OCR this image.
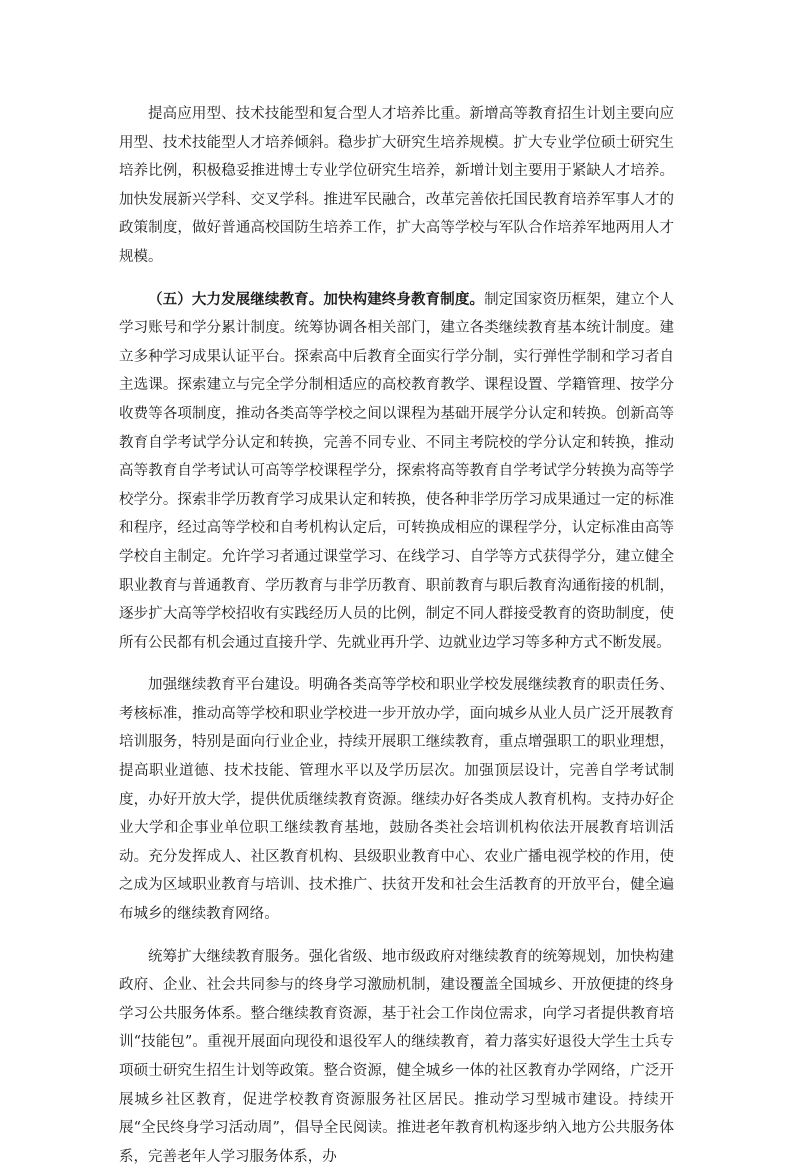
提高应用型、技术技能型和复合型人才培养比重。新增高等教育招生计划主要向应用型、技术技能型人才培养倾斜。稳步扩大研究生培养规模。扩大专业学位硕士研究生培养比例，积极稳妥推进博士专业学位研究生培养，新增计划主要用于紧缺人才培养。加快发展新兴学科、交叉学科。推进军民融合，改革完善依托国民教育培养军事人才的政策制度，做好普通高校国防生培养工作，扩大高等学校与军队合作培养军地两用人才规模。

（五）大力发展继续教育。加快构建终身教育制度。制定国家资历框架，建立个人学习账号和学分累计制度。统筹协调各相关部门，建立各类继续教育基本统计制度。建立多种学习成果认证平台。探索高中后教育全面实行学分制，实行弹性学制和学习者自主选课。探索建立与完全学分制相适应的高校教育教学、课程设置、学籍管理、按学分收费等各项制度，推动各类高等学校之间以课程为基础开展学分认定和转换。创新高等教育自学考试学分认定和转换，完善不同专业、不同主考院校的学分认定和转换，推动高等教育自学考试认可高等学校课程学分，探索将高等教育自学考试学分转换为高等学校学分。探索非学历教育学习成果认定和转换，使各种非学历学习成果通过一定的标准和程序，经过高等学校和自考机构认定后，可转换成相应的课程学分，认定标准由高等学校自主制定。允许学习者通过课堂学习、在线学习、自学等方式获得学分，建立健全职业教育与普通教育、学历教育与非学历教育、职前教育与职后教育沟通衔接的机制，逐步扩大高等学校招收有实践经历人员的比例，制定不同人群接受教育的资助制度，使所有公民都有机会通过直接升学、先就业再升学、边就业边学习等多种方式不断发展。

加强继续教育平台建设。明确各类高等学校和职业学校发展继续教育的职责任务、考核标准，推动高等学校和职业学校进一步开放办学，面向城乡从业人员广泛开展教育培训服务，特别是面向行业企业，持续开展职工继续教育，重点增强职工的职业理想，提高职业道德、技术技能、管理水平以及学历层次。加强顶层设计，完善自学考试制度，办好开放大学，提供优质继续教育资源。继续办好各类成人教育机构。支持办好企业大学和企事业单位职工继续教育基地，鼓励各类社会培训机构依法开展教育培训活动。充分发挥成人、社区教育机构、县级职业教育中心、农业广播电视学校的作用，使之成为区域职业教育与培训、技术推广、扶贫开发和社会生活教育的开放平台，健全遍布城乡的继续教育网络。

统筹扩大继续教育服务。强化省级、地市级政府对继续教育的统筹规划，加快构建政府、企业、社会共同参与的终身学习激励机制，建设覆盖全国城乡、开放便捷的终身学习公共服务体系。整合继续教育资源，基于社会工作岗位需求，向学习者提供教育培训“技能包”。重视开展面向现役和退役军人的继续教育，着力落实好退役大学生士兵专项硕士研究生招生计划等政策。整合资源，健全城乡一体的社区教育办学网络，广泛开展城乡社区教育，促进学校教育资源服务社区居民。推动学习型城市建设。持续开展“全民终身学习活动周”，倡导全民阅读。推进老年教育机构逐步纳入地方公共服务体系，完善老年人学习服务体系，办
